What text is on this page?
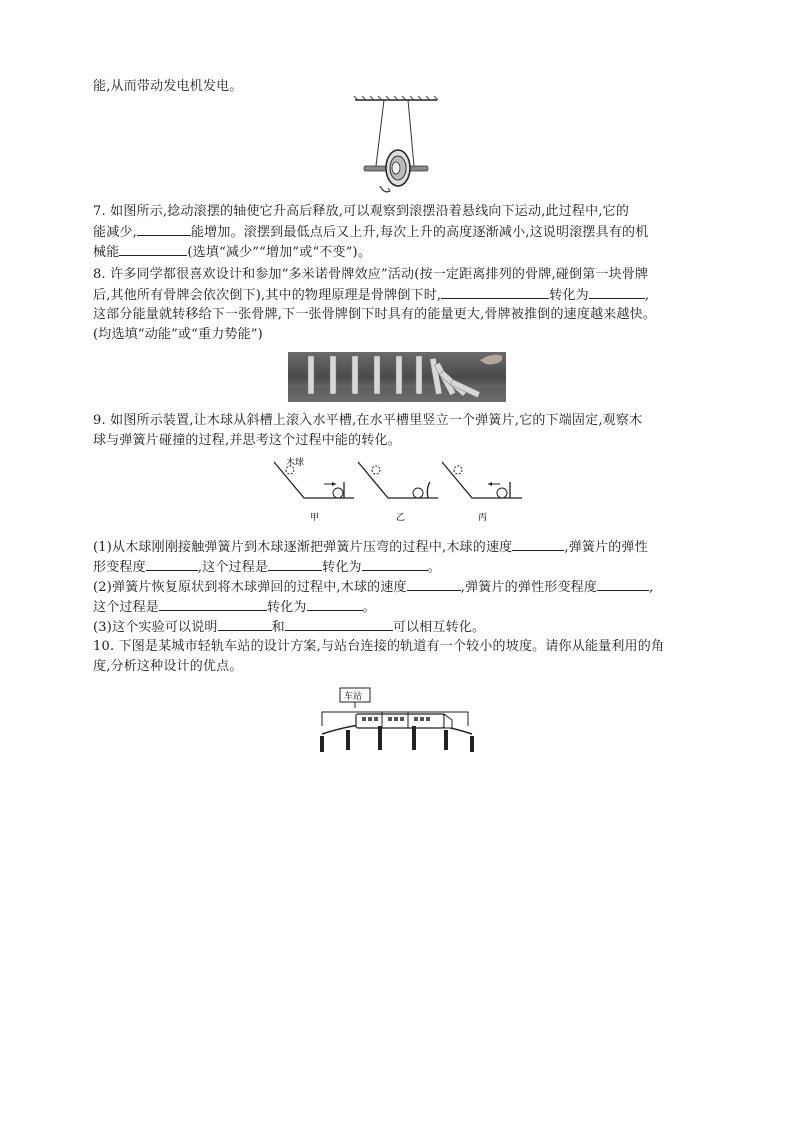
能,从而带动发电机发电。
7. 如图所示,捻动滚摆的轴使它升高后释放,可以观察到滚摆沿着悬线向下运动,此过程中,它的
能减少,	能增加。滚摆到最低点后又上升,每次上升的高度逐渐减小,这说明滚摆具有的机
械能	(选填“减少”“增加”或“不变”)。
8. 许多同学都很喜欢设计和参加“多米诺骨牌效应”活动(按一定距离排列的骨牌,碰倒第一块骨牌
后,其他所有骨牌会依次倒下),其中的物理原理是骨牌倒下时,	转化为	,
这部分能量就转移给下一张骨牌,下一张骨牌倒下时具有的能量更大,骨牌被推倒的速度越来越快。
(均选填“动能”或“重力势能”)
9. 如图所示装置,让木球从斜槽上滚入水平槽,在水平槽里竖立一个弹簧片,它的下端固定,观察木
球与弹簧片碰撞的过程,并思考这个过程中能的转化。
木球
甲	乙	丙
(1)从木球刚刚接触弹簧片到木球逐渐把弹簧片压弯的过程中,木球的速度	,弹簧片的弹性
形变程度	,这个过程是	转化为	。
(2)弹簧片恢复原状到将木球弹回的过程中,木球的速度	,弹簧片的弹性形变程度	,
这个过程是	转化为	。
(3)这个实验可以说明	和	可以相互转化。
10. 下图是某城市轻轨车站的设计方案,与站台连接的轨道有一个较小的坡度。请你从能量利用的角
度,分析这种设计的优点。
车站
